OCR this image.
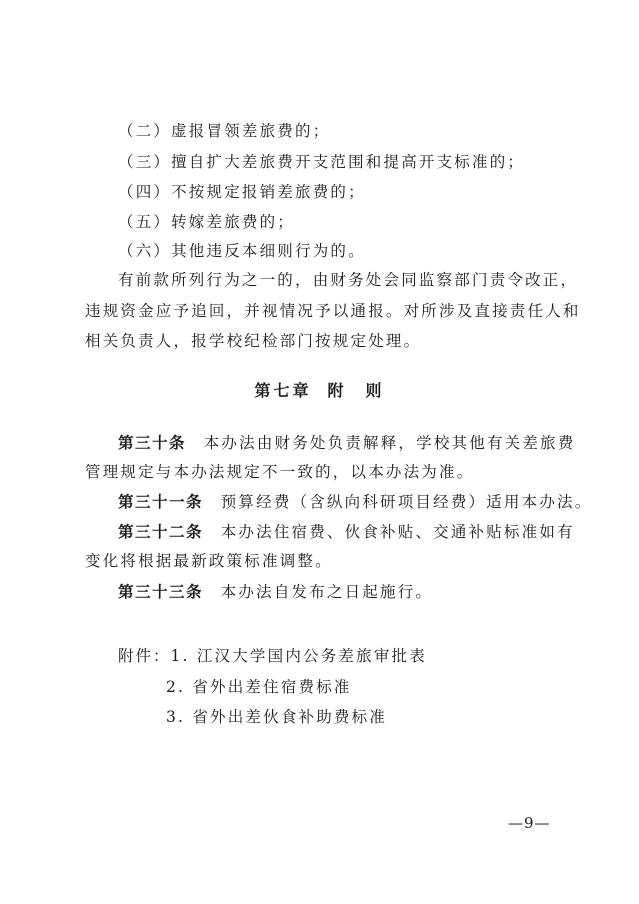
（二）虚报冒领差旅费的；
（三）擅自扩大差旅费开支范围和提高开支标准的；
（四）不按规定报销差旅费的；
（五）转嫁差旅费的；
（六）其他违反本细则行为的。
有前款所列行为之一的，由财务处会同监察部门责令改正，
违规资金应予追回，并视情况予以通报。对所涉及直接责任人和
相关负责人，报学校纪检部门按规定处理。
第七章 附　则
第三十条　本办法由财务处负责解释，学校其他有关差旅费
管理规定与本办法规定不一致的，以本办法为准。
第三十一条　预算经费（含纵向科研项目经费）适用本办法。
第三十二条　本办法住宿费、伙食补贴、交通补贴标准如有
变化将根据最新政策标准调整。
第三十三条　本办法自发布之日起施行。
附件：1. 江汉大学国内公务差旅审批表
2. 省外出差住宿费标准
3. 省外出差伙食补助费标准
—9—
